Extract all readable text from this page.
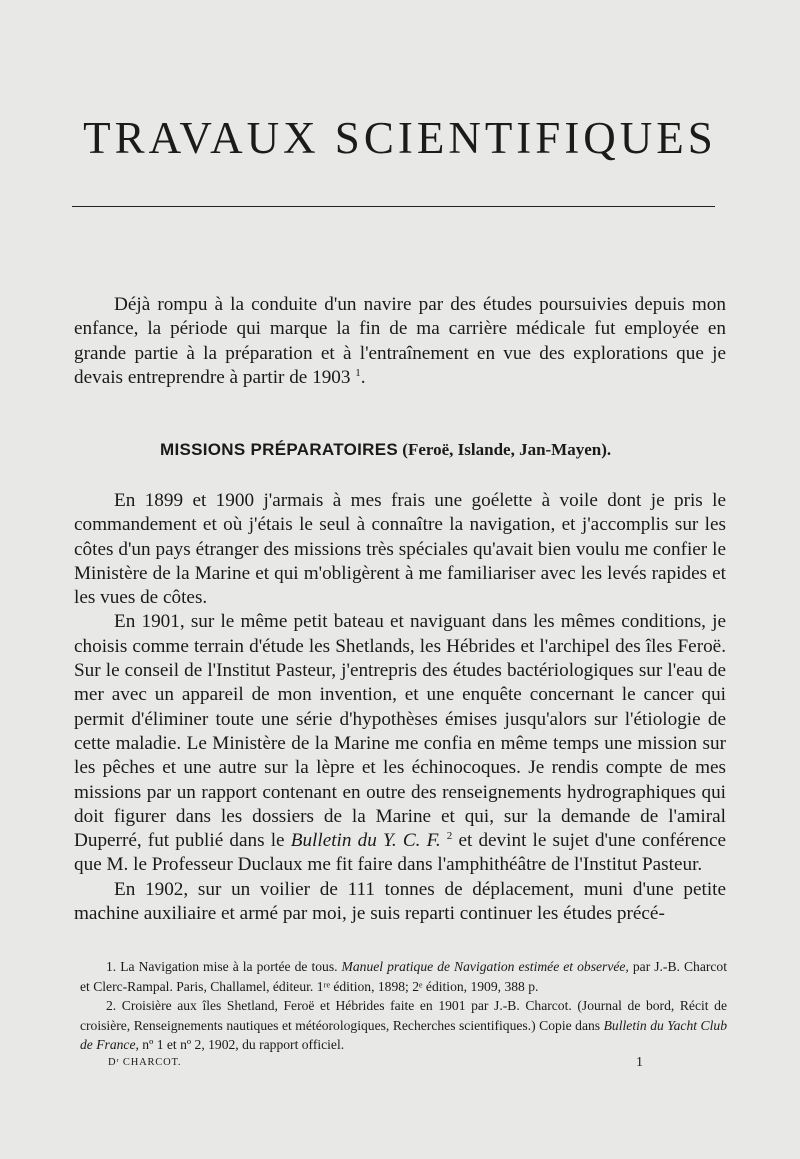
TRAVAUX SCIENTIFIQUES

Déjà rompu à la conduite d'un navire par des études poursuivies depuis mon enfance, la période qui marque la fin de ma carrière médicale fut employée en grande partie à la préparation et à l'entraînement en vue des explorations que je devais entreprendre à partir de 1903 $^1$.

MISSIONS PRÉPARATOIRES (Feroë, Islande, Jan-Mayen).

En 1899 et 1900 j'armais à mes frais une goélette à voile dont je pris le commandement et où j'étais le seul à connaître la navigation, et j'accomplis sur les côtes d'un pays étranger des missions très spéciales qu'avait bien voulu me confier le Ministère de la Marine et qui m'obligèrent à me familiariser avec les levés rapides et les vues de côtes.

En 1901, sur le même petit bateau et naviguant dans les mêmes conditions, je choisis comme terrain d'étude les Shetlands, les Hébrides et l'archipel des îles Feroë. Sur le conseil de l'Institut Pasteur, j'entrepris des études bactériologiques sur l'eau de mer avec un appareil de mon invention, et une enquête concernant le cancer qui permit d'éliminer toute une série d'hypothèses émises jusqu'alors sur l'étiologie de cette maladie. Le Ministère de la Marine me confia en même temps une mission sur les pêches et une autre sur la lèpre et les échinocoques. Je rendis compte de mes missions par un rapport contenant en outre des renseignements hydrographiques qui doit figurer dans les dossiers de la Marine et qui, sur la demande de l'amiral Duperré, fut publié dans le Bulletin du Y. C. F. $^2$ et devint le sujet d'une conférence que M. le Professeur Duclaux me fit faire dans l'amphithéâtre de l'Institut Pasteur.

En 1902, sur un voilier de 111 tonnes de déplacement, muni d'une petite machine auxiliaire et armé par moi, je suis reparti continuer les études précé-

1. La Navigation mise à la portée de tous. Manuel pratique de Navigation estimée et observée, par J.-B. Charcot et Clerc-Rampal. Paris, Challamel, éditeur. 1ʳᵉ édition, 1898; 2ᵉ édition, 1909, 388 p.

2. Croisière aux îles Shetland, Feroë et Hébrides faite en 1901 par J.-B. Charcot. (Journal de bord, Récit de croisière, Renseignements nautiques et météorologiques, Recherches scientifiques.) Copie dans Bulletin du Yacht Club de France, nº 1 et nº 2, 1902, du rapport officiel.

Dʳ CHARCOT.	1
